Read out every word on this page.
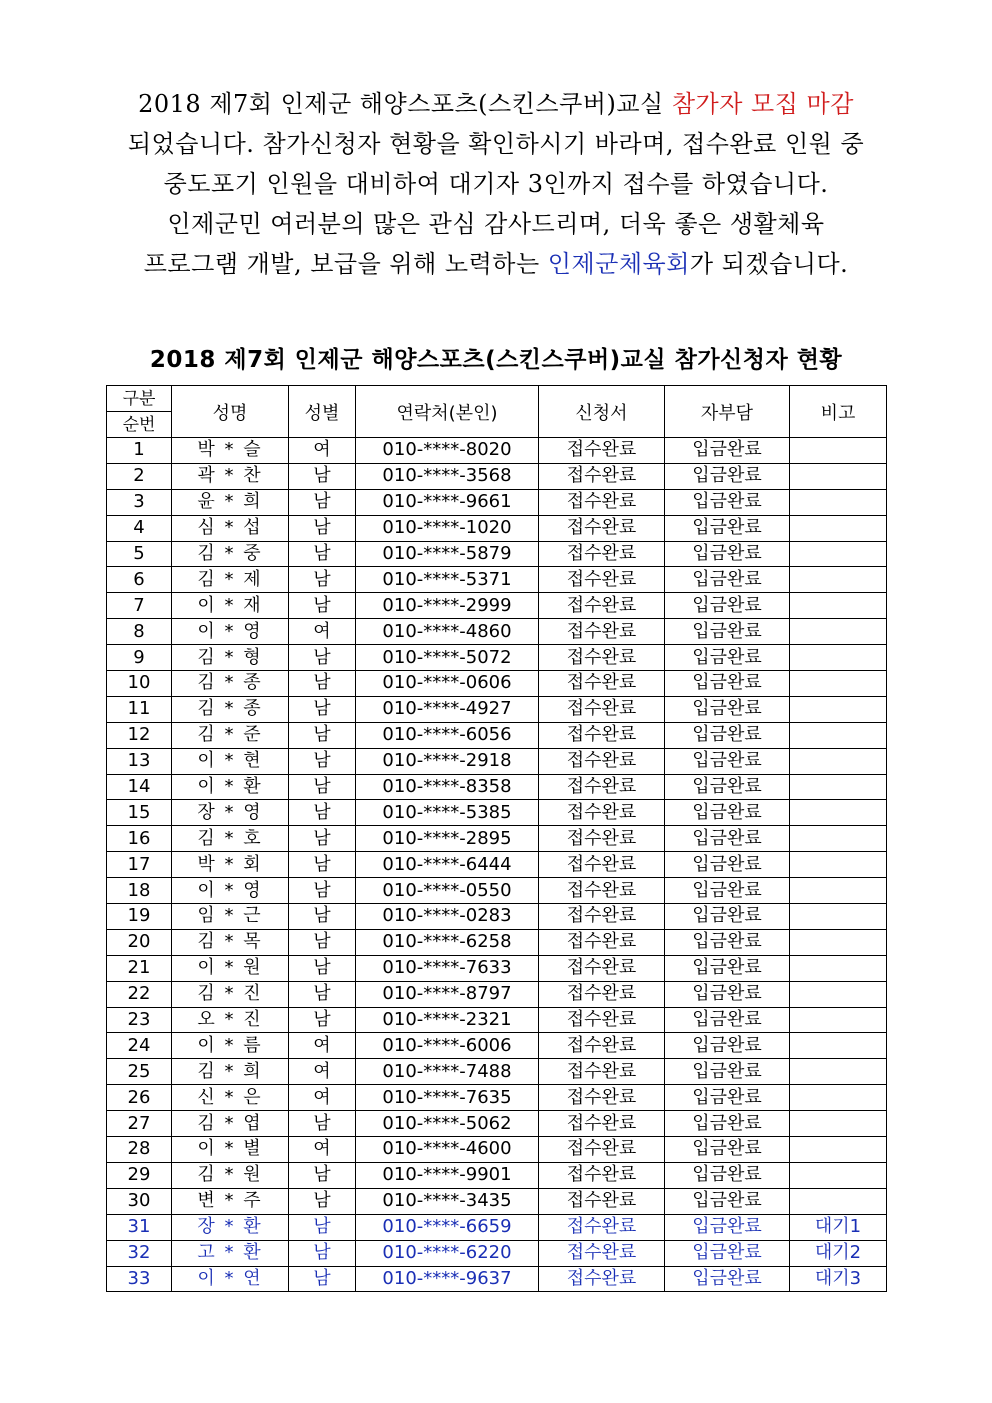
2018 제7회 인제군 해양스포츠(스킨스쿠버)교실 참가자 모집 마감
되었습니다. 참가신청자 현황을 확인하시기 바라며, 접수완료 인원 중
중도포기 인원을 대비하여 대기자 3인까지 접수를 하였습니다.
인제군민 여러분의 많은 관심 감사드리며, 더욱 좋은 생활체육
프로그램 개발, 보급을 위해 노력하는 인제군체육회가 되겠습니다.
2018 제7회 인제군 해양스포츠(스킨스쿠버)교실 참가신청자 현황
구분	성명	성별	연락처(본인)	신청서	자부담	비고
순번						
1	박 * 슬	여	010-****-8020	접수완료	입금완료	
2	곽 * 찬	남	010-****-3568	접수완료	입금완료	
3	윤 * 희	남	010-****-9661	접수완료	입금완료	
4	심 * 섭	남	010-****-1020	접수완료	입금완료	
5	김 * 중	남	010-****-5879	접수완료	입금완료	
6	김 * 제	남	010-****-5371	접수완료	입금완료	
7	이 * 재	남	010-****-2999	접수완료	입금완료	
8	이 * 영	여	010-****-4860	접수완료	입금완료	
9	김 * 형	남	010-****-5072	접수완료	입금완료	
10	김 * 종	남	010-****-0606	접수완료	입금완료	
11	김 * 종	남	010-****-4927	접수완료	입금완료	
12	김 * 준	남	010-****-6056	접수완료	입금완료	
13	이 * 현	남	010-****-2918	접수완료	입금완료	
14	이 * 환	남	010-****-8358	접수완료	입금완료	
15	장 * 영	남	010-****-5385	접수완료	입금완료	
16	김 * 호	남	010-****-2895	접수완료	입금완료	
17	박 * 회	남	010-****-6444	접수완료	입금완료	
18	이 * 영	남	010-****-0550	접수완료	입금완료	
19	임 * 근	남	010-****-0283	접수완료	입금완료	
20	김 * 목	남	010-****-6258	접수완료	입금완료	
21	이 * 원	남	010-****-7633	접수완료	입금완료	
22	김 * 진	남	010-****-8797	접수완료	입금완료	
23	오 * 진	남	010-****-2321	접수완료	입금완료	
24	이 * 름	여	010-****-6006	접수완료	입금완료	
25	김 * 희	여	010-****-7488	접수완료	입금완료	
26	신 * 은	여	010-****-7635	접수완료	입금완료	
27	김 * 엽	남	010-****-5062	접수완료	입금완료	
28	이 * 별	여	010-****-4600	접수완료	입금완료	
29	김 * 원	남	010-****-9901	접수완료	입금완료	
30	변 * 주	남	010-****-3435	접수완료	입금완료	
31	장 * 환	남	010-****-6659	접수완료	입금완료	대기1
32	고 * 환	남	010-****-6220	접수완료	입금완료	대기2
33	이 * 연	남	010-****-9637	접수완료	입금완료	대기3
